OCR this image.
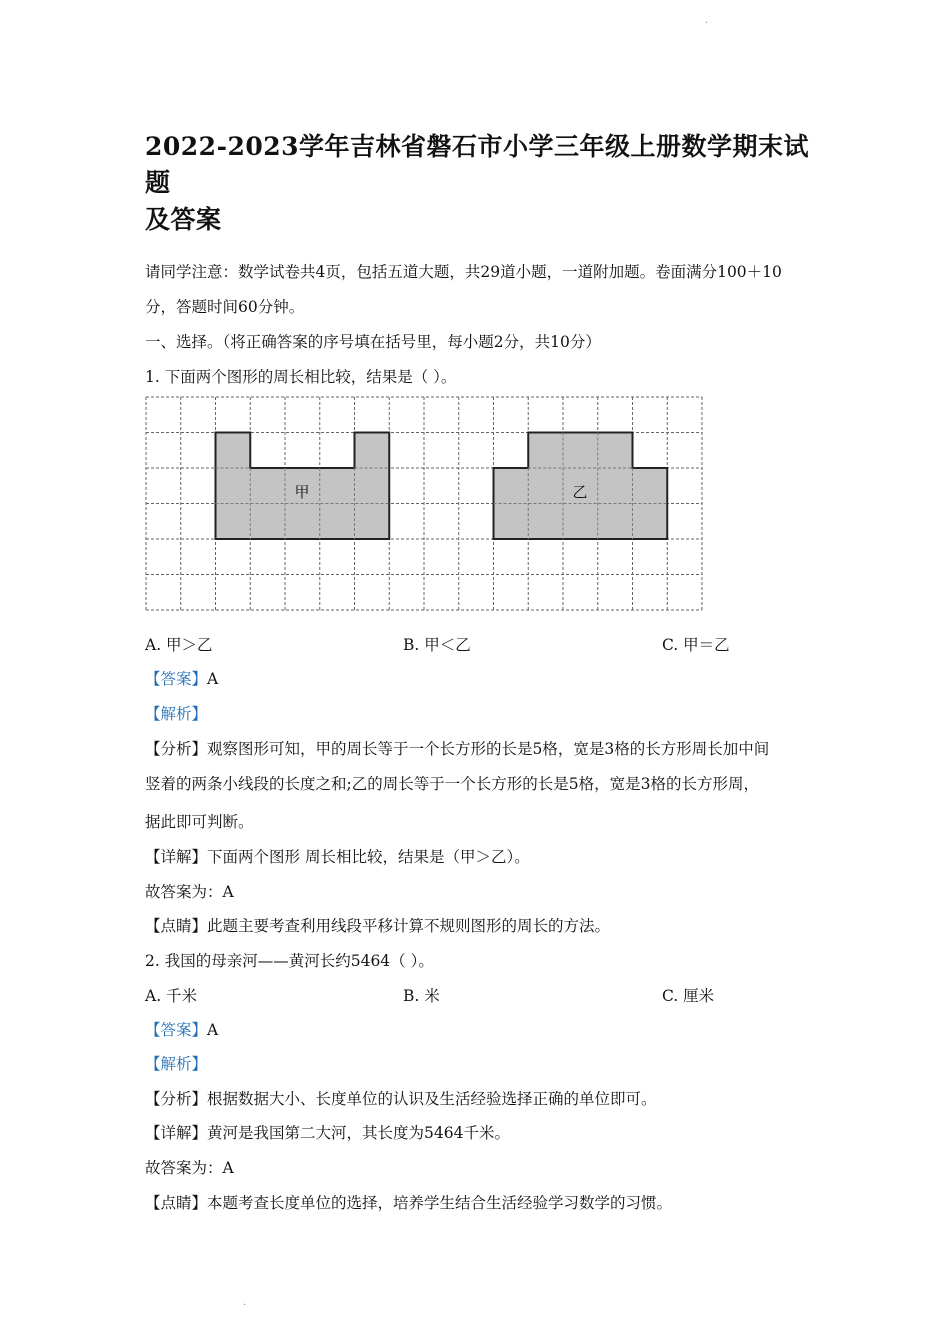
·
2022-2023学年吉林省磐石市小学三年级上册数学期末试题
及答案

请同学注意：数学试卷共4页，包括五道大题，共29道小题，一道附加题。卷面满分100＋10

分，答题时间60分钟。

一、选择。（将正确答案的序号填在括号里，每小题2分，共10分）

1. 下面两个图形的周长相比较，结果是（ ）。

甲	乙
A. 甲＞乙	B. 甲＜乙	C. 甲＝乙

【答案】A

【解析】

【分析】观察图形可知，甲的周长等于一个长方形的长是5格，宽是3格的长方形周长加中间

竖着的两条小线段的长度之和;乙的周长等于一个长方形的长是5格，宽是3格的长方形周，

据此即可判断。

【详解】下面两个图形 周长相比较，结果是（甲＞乙）。

故答案为：A

【点睛】此题主要考查利用线段平移计算不规则图形的周长的方法。

2. 我国的母亲河——黄河长约5464（ ）。

A. 千米	B. 米	C. 厘米

【答案】A

【解析】

【分析】根据数据大小、长度单位的认识及生活经验选择正确的单位即可。

【详解】黄河是我国第二大河，其长度为5464千米。

故答案为：A

【点睛】本题考查长度单位的选择，培养学生结合生活经验学习数学的习惯。

·
